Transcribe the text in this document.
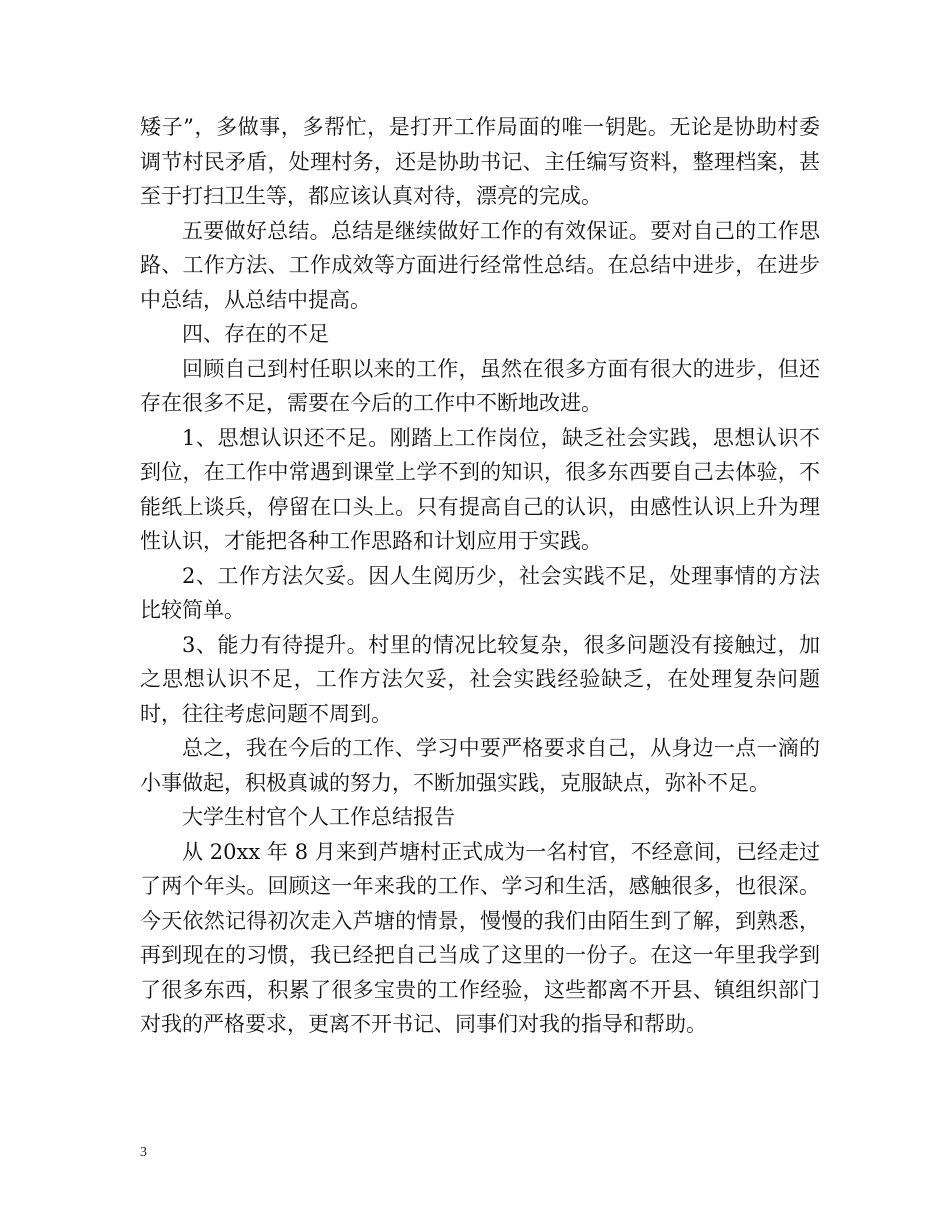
矮子”，多做事，多帮忙，是打开工作局面的唯一钥匙。无论是协助村委调节村民矛盾，处理村务，还是协助书记、主任编写资料，整理档案，甚至于打扫卫生等，都应该认真对待，漂亮的完成。

五要做好总结。总结是继续做好工作的有效保证。要对自己的工作思路、工作方法、工作成效等方面进行经常性总结。在总结中进步，在进步中总结，从总结中提高。

四、存在的不足

回顾自己到村任职以来的工作，虽然在很多方面有很大的进步，但还存在很多不足，需要在今后的工作中不断地改进。

1、思想认识还不足。刚踏上工作岗位，缺乏社会实践，思想认识不到位，在工作中常遇到课堂上学不到的知识，很多东西要自己去体验，不能纸上谈兵，停留在口头上。只有提高自己的认识，由感性认识上升为理性认识，才能把各种工作思路和计划应用于实践。

2、工作方法欠妥。因人生阅历少，社会实践不足，处理事情的方法比较简单。

3、能力有待提升。村里的情况比较复杂，很多问题没有接触过，加之思想认识不足，工作方法欠妥，社会实践经验缺乏，在处理复杂问题时，往往考虑问题不周到。

总之，我在今后的工作、学习中要严格要求自己，从身边一点一滴的小事做起，积极真诚的努力，不断加强实践，克服缺点，弥补不足。

大学生村官个人工作总结报告

从 20xx 年 8 月来到芦塘村正式成为一名村官，不经意间，已经走过了两个年头。回顾这一年来我的工作、学习和生活，感触很多，也很深。今天依然记得初次走入芦塘的情景，慢慢的我们由陌生到了解，到熟悉，再到现在的习惯，我已经把自己当成了这里的一份子。在这一年里我学到了很多东西，积累了很多宝贵的工作经验，这些都离不开县、镇组织部门对我的严格要求，更离不开书记、同事们对我的指导和帮助。

3
